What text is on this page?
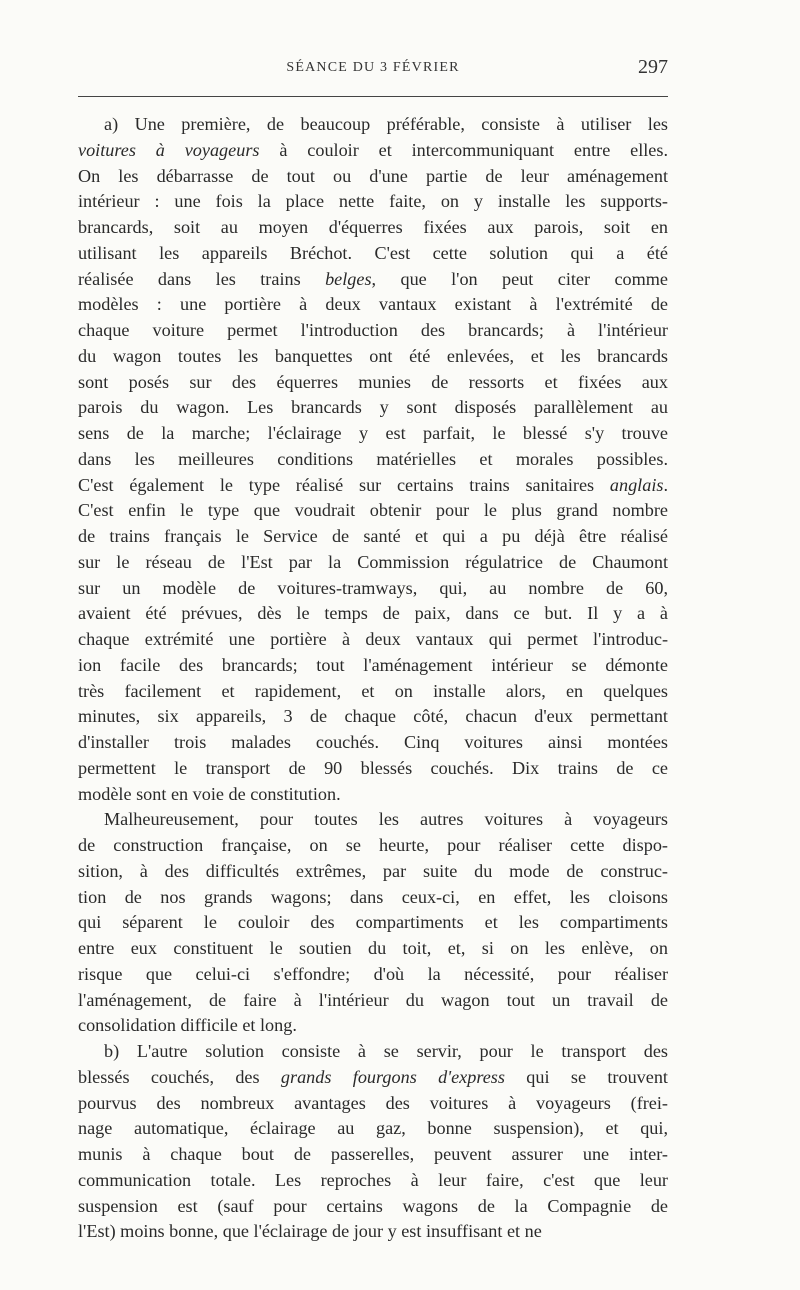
SÉANCE DU 3 FÉVRIER	297

a) Une première, de beaucoup préférable, consiste à utiliser les
voitures à voyageurs à couloir et intercommuniquant entre elles.
On les débarrasse de tout ou d'une partie de leur aménagement
intérieur : une fois la place nette faite, on y installe les supports-
brancards, soit au moyen d'équerres fixées aux parois, soit en
utilisant les appareils Bréchot. C'est cette solution qui a été
réalisée dans les trains belges, que l'on peut citer comme
modèles : une portière à deux vantaux existant à l'extrémité de
chaque voiture permet l'introduction des brancards; à l'intérieur
du wagon toutes les banquettes ont été enlevées, et les brancards
sont posés sur des équerres munies de ressorts et fixées aux
parois du wagon. Les brancards y sont disposés parallèlement au
sens de la marche; l'éclairage y est parfait, le blessé s'y trouve
dans les meilleures conditions matérielles et morales possibles.
C'est également le type réalisé sur certains trains sanitaires anglais.
C'est enfin le type que voudrait obtenir pour le plus grand nombre
de trains français le Service de santé et qui a pu déjà être réalisé
sur le réseau de l'Est par la Commission régulatrice de Chaumont
sur un modèle de voitures-tramways, qui, au nombre de 60,
avaient été prévues, dès le temps de paix, dans ce but. Il y a à
chaque extrémité une portière à deux vantaux qui permet l'introduc-
ion facile des brancards; tout l'aménagement intérieur se démonte
très facilement et rapidement, et on installe alors, en quelques
minutes, six appareils, 3 de chaque côté, chacun d'eux permettant
d'installer trois malades couchés. Cinq voitures ainsi montées
permettent le transport de 90 blessés couchés. Dix trains de ce
modèle sont en voie de constitution.

Malheureusement, pour toutes les autres voitures à voyageurs
de construction française, on se heurte, pour réaliser cette dispo-
sition, à des difficultés extrêmes, par suite du mode de construc-
tion de nos grands wagons; dans ceux-ci, en effet, les cloisons
qui séparent le couloir des compartiments et les compartiments
entre eux constituent le soutien du toit, et, si on les enlève, on
risque que celui-ci s'effondre; d'où la nécessité, pour réaliser
l'aménagement, de faire à l'intérieur du wagon tout un travail de
consolidation difficile et long.

b) L'autre solution consiste à se servir, pour le transport des
blessés couchés, des grands fourgons d'express qui se trouvent
pourvus des nombreux avantages des voitures à voyageurs (frei-
nage automatique, éclairage au gaz, bonne suspension), et qui,
munis à chaque bout de passerelles, peuvent assurer une inter-
communication totale. Les reproches à leur faire, c'est que leur
suspension est (sauf pour certains wagons de la Compagnie de
l'Est) moins bonne, que l'éclairage de jour y est insuffisant et ne
